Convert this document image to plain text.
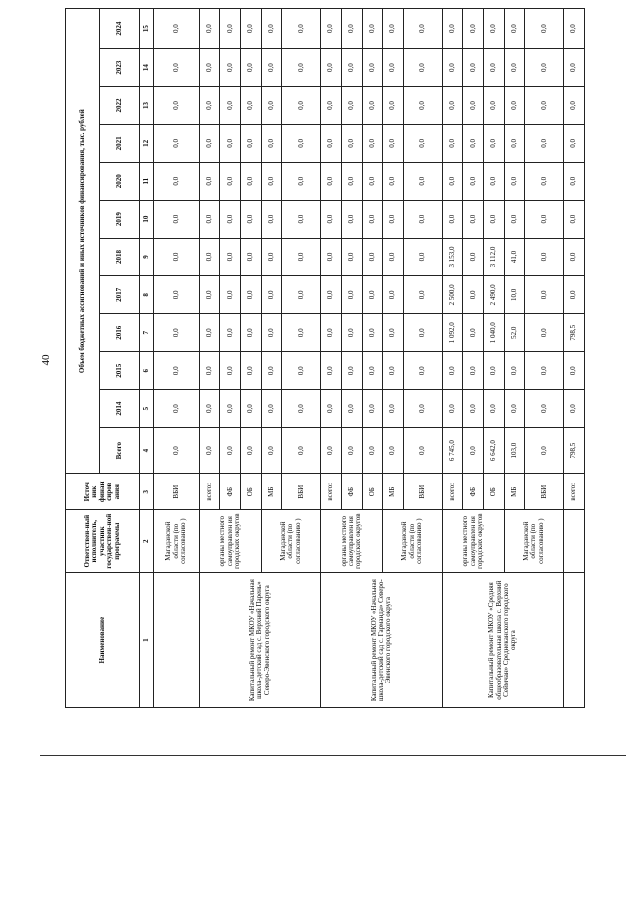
40
Наименование	Ответствен-ный исполнитель, участник государствен-ной программы	Источ ник финан сиров ания	Объем бюджетных ассигнований и иных источников финансирования, тыс. рублей											
			Всего	2014	2015	2016	2017	2018	2019	2020	2021	2022	2023	2024
1	2	3	4	5	6	7	8	9	10	11	12	13	14	15
	Магаданской области (по согласованию )	ВБИ	0,0	0,0	0,0	0,0	0,0	0,0	0,0	0,0	0,0	0,0	0,0	0,0
Капитальный ремонт МКОУ «Начальная школа-детский сад с. Верхний Парень» Северо-Эвенского городского округа	органы местного самоуправлен ия городских округов	всего:	0,0	0,0	0,0	0,0	0,0	0,0	0,0	0,0	0,0	0,0	0,0	0,0
		ФБ	0,0	0,0	0,0	0,0	0,0	0,0	0,0	0,0	0,0	0,0	0,0	0,0
		ОБ	0,0	0,0	0,0	0,0	0,0	0,0	0,0	0,0	0,0	0,0	0,0	0,0
	Магаданской области (по согласованию )	МБ	0,0	0,0	0,0	0,0	0,0	0,0	0,0	0,0	0,0	0,0	0,0	0,0
		ВБИ	0,0	0,0	0,0	0,0	0,0	0,0	0,0	0,0	0,0	0,0	0,0	0,0
Капитальный ремонт МКОУ «Начальная школа-детский сад с. Гарманда» Северо-Эвенского городского округа	органы местного самоуправлен ия городских округов	всего:	0,0	0,0	0,0	0,0	0,0	0,0	0,0	0,0	0,0	0,0	0,0	0,0
		ФБ	0,0	0,0	0,0	0,0	0,0	0,0	0,0	0,0	0,0	0,0	0,0	0,0
		ОБ	0,0	0,0	0,0	0,0	0,0	0,0	0,0	0,0	0,0	0,0	0,0	0,0
	Магаданской области (по согласованию )	МБ	0,0	0,0	0,0	0,0	0,0	0,0	0,0	0,0	0,0	0,0	0,0	0,0
		ВБИ	0,0	0,0	0,0	0,0	0,0	0,0	0,0	0,0	0,0	0,0	0,0	0,0
Капитальный ремонт МКОУ «Средняя общеобразовательная школа с. Верхний Сеймчан» Среднеканского городского округа	органы местного самоуправлен ия городских округов	всего:	6 745,0	0,0	0,0	1 092,0	2 500,0	3 153,0	0,0	0,0	0,0	0,0	0,0	0,0
		ФБ	0,0	0,0	0,0	0,0	0,0	0,0	0,0	0,0	0,0	0,0	0,0	0,0
		ОБ	6 642,0	0,0	0,0	1 040,0	2 490,0	3 112,0	0,0	0,0	0,0	0,0	0,0	0,0
	Магаданской области (по согласованию )	МБ	103,0	0,0	0,0	52,0	10,0	41,0	0,0	0,0	0,0	0,0	0,0	0,0
		ВБИ	0,0	0,0	0,0	0,0	0,0	0,0	0,0	0,0	0,0	0,0	0,0	0,0
		всего:	798,5	0,0	0,0	798,5	0,0	0,0	0,0	0,0	0,0	0,0	0,0	0,0
